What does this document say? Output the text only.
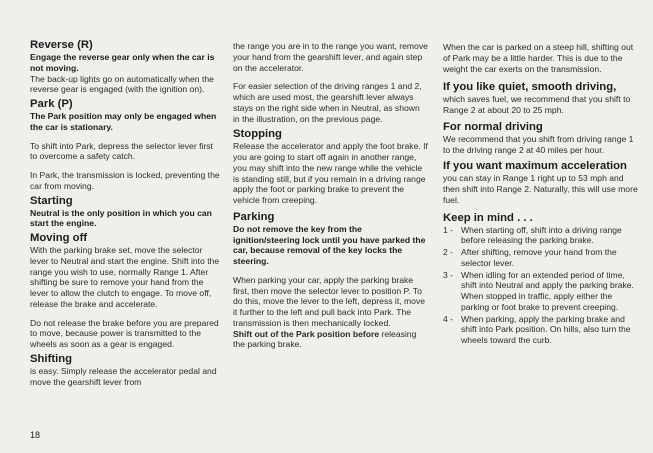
Reverse (R)

Engage the reverse gear only when the car is not moving.

The back-up lights go on automatically when the reverse gear is engaged (with the ignition on).

Park (P)

The Park position may only be engaged when the car is stationary.

To shift into Park, depress the selector lever first to overcome a safety catch.

In Park, the transmission is locked, preventing the car from moving.

Starting

Neutral is the only position in which you can start the engine.

Moving off

With the parking brake set, move the selector lever to Neutral and start the engine. Shift into the range you wish to use, normally Range 1. After shifting be sure to remove your hand from the lever to allow the clutch to engage. To move off, release the brake and accelerate.

Do not release the brake before you are prepared to move, because power is transmitted to the wheels as soon as a gear is engaged.

Shifting

is easy. Simply release the accelerator pedal and move the gearshift lever from

the range you are in to the range you want, remove your hand from the gearshift lever, and again step on the accelerator.

For easier selection of the driving ranges 1 and 2, which are used most, the gearshift lever always stays on the right side when in Neutral, as shown in the illustration, on the previous page.

Stopping

Release the accelerator and apply the foot brake. If you are going to start off again in another range, you may shift into the new range while the vehicle is standing still, but if you remain in a driving range apply the foot or parking brake to prevent the vehicle from creeping.

Parking

Do not remove the key from the ignition/steering lock until you have parked the car, because removal of the key locks the steering.

When parking your car, apply the parking brake first, then move the selector lever to position P. To do this, move the lever to the left, depress it, move it further to the left and pull back into Park. The transmission is then mechanically locked.

Shift out of the Park position before releasing the parking brake.

When the car is parked on a steep hill, shifting out of Park may be a little harder. This is due to the weight the car exerts on the transmission.

If you like quiet, smooth driving,

which saves fuel, we recommend that you shift to Range 2 at about 20 to 25 mph.

For normal driving

We recommend that you shift from driving range 1 to the driving range 2 at 40 miles per hour.

If you want maximum acceleration

you can stay in Range 1 right up to 53 mph and then shift into Range 2. Naturally, this will use more fuel.

Keep in mind . . .
1 - When starting off, shift into a driving range before releasing the parking brake.
2 - After shifting, remove your hand from the selector lever.
3 - When idling for an extended period of time, shift into Neutral and apply the parking brake. When stopped in traffic, apply either the parking or foot brake to prevent creeping.
4 - When parking, apply the parking brake and shift into Park position. On hills, also turn the wheels toward the curb.
18
